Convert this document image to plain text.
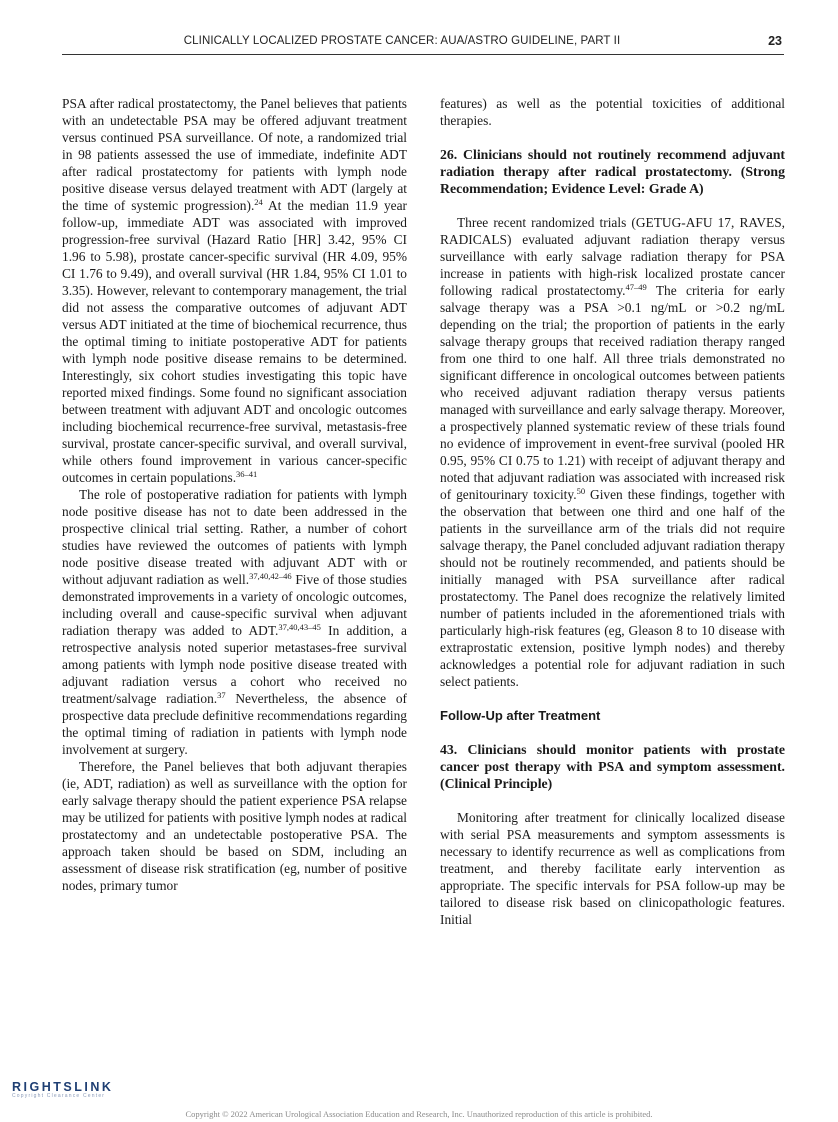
CLINICALLY LOCALIZED PROSTATE CANCER: AUA/ASTRO GUIDELINE, PART II	23

PSA after radical prostatectomy, the Panel believes that patients with an undetectable PSA may be offered adjuvant treatment versus continued PSA surveillance. Of note, a randomized trial in 98 patients assessed the use of immediate, indefinite ADT after radical prostatectomy for patients with lymph node positive disease versus delayed treatment with ADT (largely at the time of systemic progression).$^{24}$ At the median 11.9 year follow-up, immediate ADT was associated with improved progression-free survival (Hazard Ratio [HR] 3.42, 95% CI 1.96 to 5.98), prostate cancer-specific survival (HR 4.09, 95% CI 1.76 to 9.49), and overall survival (HR 1.84, 95% CI 1.01 to 3.35). However, relevant to contemporary management, the trial did not assess the comparative outcomes of adjuvant ADT versus ADT initiated at the time of biochemical recurrence, thus the optimal timing to initiate postoperative ADT for patients with lymph node positive disease remains to be determined. Interestingly, six cohort studies investigating this topic have reported mixed findings. Some found no significant association between treatment with adjuvant ADT and oncologic outcomes including biochemical recurrence-free survival, metastasis-free survival, prostate cancer-specific survival, and overall survival, while others found improvement in various cancer-specific outcomes in certain populations.$^{36-41}$

The role of postoperative radiation for patients with lymph node positive disease has not to date been addressed in the prospective clinical trial setting. Rather, a number of cohort studies have reviewed the outcomes of patients with lymph node positive disease treated with adjuvant ADT with or without adjuvant radiation as well.$^{37,40,42-46}$ Five of those studies demonstrated improvements in a variety of oncologic outcomes, including overall and cause-specific survival when adjuvant radiation therapy was added to ADT.$^{37,40,43-45}$ In addition, a retrospective analysis noted superior metastases-free survival among patients with lymph node positive disease treated with adjuvant radiation versus a cohort who received no treatment/salvage radiation.$^{37}$ Nevertheless, the absence of prospective data preclude definitive recommendations regarding the optimal timing of radiation in patients with lymph node involvement at surgery.

Therefore, the Panel believes that both adjuvant therapies (ie, ADT, radiation) as well as surveillance with the option for early salvage therapy should the patient experience PSA relapse may be utilized for patients with positive lymph nodes at radical prostatectomy and an undetectable postoperative PSA. The approach taken should be based on SDM, including an assessment of disease risk stratification (eg, number of positive nodes, primary tumor

features) as well as the potential toxicities of additional therapies.

26. Clinicians should not routinely recommend adjuvant radiation therapy after radical prostatectomy. (Strong Recommendation; Evidence Level: Grade A)

Three recent randomized trials (GETUG-AFU 17, RAVES, RADICALS) evaluated adjuvant radiation therapy versus surveillance with early salvage radiation therapy for PSA increase in patients with high-risk localized prostate cancer following radical prostatectomy.$^{47-49}$ The criteria for early salvage therapy was a PSA >0.1 ng/mL or >0.2 ng/mL depending on the trial; the proportion of patients in the early salvage therapy groups that received radiation therapy ranged from one third to one half. All three trials demonstrated no significant difference in oncological outcomes between patients who received adjuvant radiation therapy versus patients managed with surveillance and early salvage therapy. Moreover, a prospectively planned systematic review of these trials found no evidence of improvement in event-free survival (pooled HR 0.95, 95% CI 0.75 to 1.21) with receipt of adjuvant therapy and noted that adjuvant radiation was associated with increased risk of genitourinary toxicity.$^{50}$ Given these findings, together with the observation that between one third and one half of the patients in the surveillance arm of the trials did not require salvage therapy, the Panel concluded adjuvant radiation therapy should not be routinely recommended, and patients should be initially managed with PSA surveillance after radical prostatectomy. The Panel does recognize the relatively limited number of patients included in the aforementioned trials with particularly high-risk features (eg, Gleason 8 to 10 disease with extraprostatic extension, positive lymph nodes) and thereby acknowledges a potential role for adjuvant radiation in such select patients.

Follow-Up after Treatment
43. Clinicians should monitor patients with prostate cancer post therapy with PSA and symptom assessment. (Clinical Principle)

Monitoring after treatment for clinically localized disease with serial PSA measurements and symptom assessments is necessary to identify recurrence as well as complications from treatment, and thereby facilitate early intervention as appropriate. The specific intervals for PSA follow-up may be tailored to disease risk based on clinicopathologic features. Initial

RIGHTSLINK
Copyright Clearance Center
Copyright © 2022 American Urological Association Education and Research, Inc. Unauthorized reproduction of this article is prohibited.
